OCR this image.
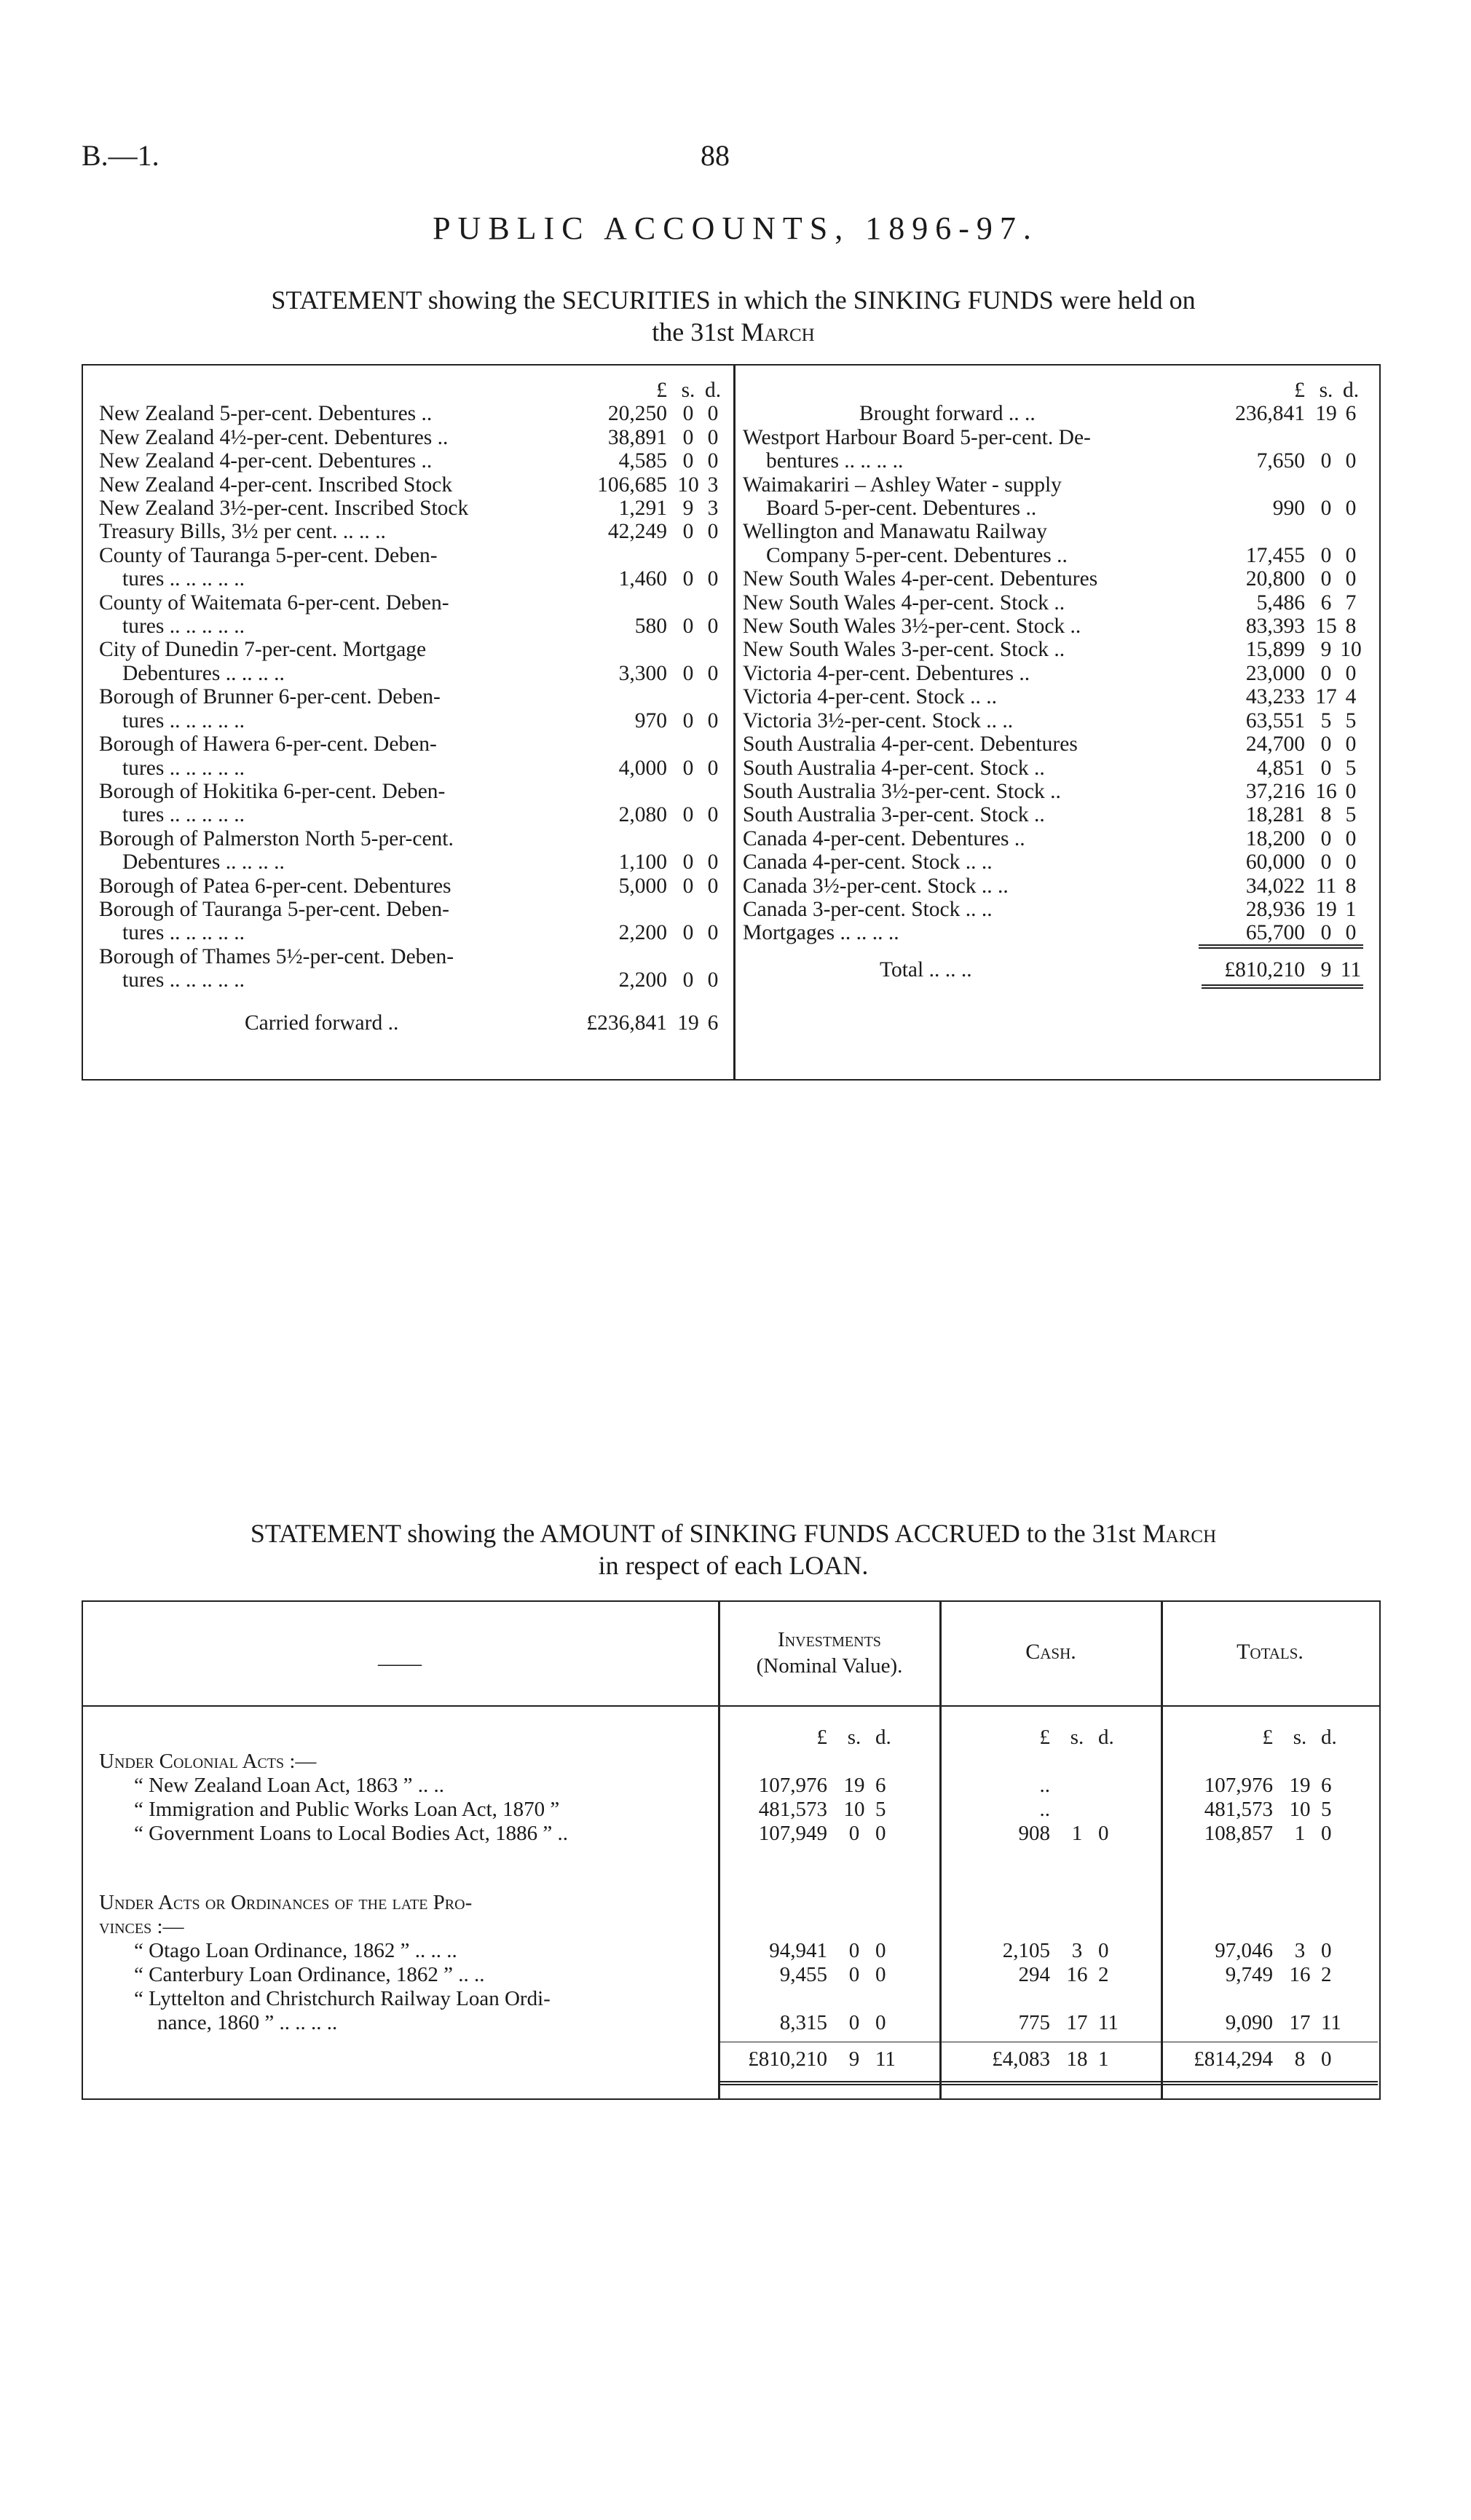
B.—1.	88
PUBLIC ACCOUNTS, 1896-97.
STATEMENT showing the SECURITIES in which the SINKING FUNDS were held on
the 31st March
	£	s.	d.
New Zealand 5-per-cent. Debentures ..	20,250	0	0
New Zealand 4½-per-cent. Debentures ..	38,891	0	0
New Zealand 4-per-cent. Debentures ..	4,585	0	0
New Zealand 4-per-cent. Inscribed Stock	106,685	10	3
New Zealand 3½-per-cent. Inscribed Stock	1,291	9	3
Treasury Bills, 3½ per cent. .. .. ..	42,249	0	0
County of Tauranga 5-per-cent. Deben-			
tures .. .. .. .. ..	1,460	0	0
County of Waitemata 6-per-cent. Deben-			
tures .. .. .. .. ..	580	0	0
City of Dunedin 7-per-cent. Mortgage			
Debentures .. .. .. ..	3,300	0	0
Borough of Brunner 6-per-cent. Deben-			
tures .. .. .. .. ..	970	0	0
Borough of Hawera 6-per-cent. Deben-			
tures .. .. .. .. ..	4,000	0	0
Borough of Hokitika 6-per-cent. Deben-			
tures .. .. .. .. ..	2,080	0	0
Borough of Palmerston North 5-per-cent.			
Debentures .. .. .. ..	1,100	0	0
Borough of Patea 6-per-cent. Debentures	5,000	0	0
Borough of Tauranga 5-per-cent. Deben-			
tures .. .. .. .. ..	2,200	0	0
Borough of Thames 5½-per-cent. Deben-			
tures .. .. .. .. ..	2,200	0	0
Carried forward ..	£236,841	19	6
	£	s.	d.
Brought forward .. ..	236,841	19	6
Westport Harbour Board 5-per-cent. De-			
bentures .. .. .. ..	7,650	0	0
Waimakariri – Ashley Water - supply			
Board 5-per-cent. Debentures ..	990	0	0
Wellington and Manawatu Railway			
Company 5-per-cent. Debentures ..	17,455	0	0
New South Wales 4-per-cent. Debentures	20,800	0	0
New South Wales 4-per-cent. Stock ..	5,486	6	7
New South Wales 3½-per-cent. Stock ..	83,393	15	8
New South Wales 3-per-cent. Stock ..	15,899	9	10
Victoria 4-per-cent. Debentures ..	23,000	0	0
Victoria 4-per-cent. Stock .. ..	43,233	17	4
Victoria 3½-per-cent. Stock .. ..	63,551	5	5
South Australia 4-per-cent. Debentures	24,700	0	0
South Australia 4-per-cent. Stock ..	4,851	0	5
South Australia 3½-per-cent. Stock ..	37,216	16	0
South Australia 3-per-cent. Stock ..	18,281	8	5
Canada 4-per-cent. Debentures ..	18,200	0	0
Canada 4-per-cent. Stock .. ..	60,000	0	0
Canada 3½-per-cent. Stock .. ..	34,022	11	8
Canada 3-per-cent. Stock .. ..	28,936	19	1
Mortgages .. .. .. ..	65,700	0	0
Total .. .. ..	£810,210	9	11
STATEMENT showing the AMOUNT of SINKING FUNDS ACCRUED to the 31st March
in respect of each LOAN.
——
Investments
(Nominal Value).
Cash.	Totals.
	£	s.	d.	£	s.	d.	£	s.	d.
Under Colonial Acts :—									
“ New Zealand Loan Act, 1863 ” .. ..	107,976	19	6	..			107,976	19	6
“ Immigration and Public Works Loan Act, 1870 ”	481,573	10	5	..			481,573	10	5
“ Government Loans to Local Bodies Act, 1886 ” ..	107,949	0	0	908	1	0	108,857	1	0

Under Acts or Ordinances of the late Pro-									
vinces :—									
“ Otago Loan Ordinance, 1862 ” .. .. ..	94,941	0	0	2,105	3	0	97,046	3	0
“ Canterbury Loan Ordinance, 1862 ” .. ..	9,455	0	0	294	16	2	9,749	16	2
“ Lyttelton and Christchurch Railway Loan Ordi-									
nance, 1860 ” .. .. .. ..	8,315	0	0	775	17	11	9,090	17	11
	£810,210	9	11	£4,083	18	1	£814,294	8	0
